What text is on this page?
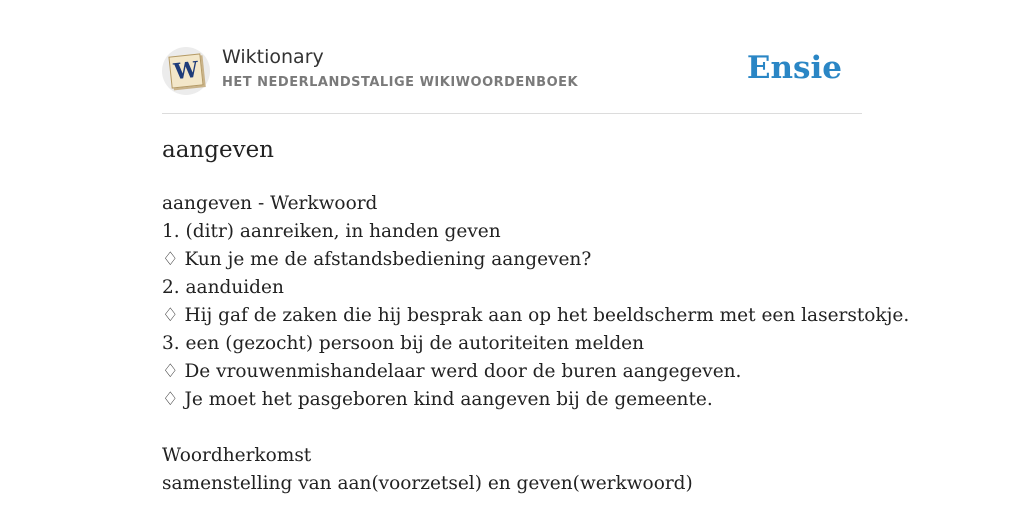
W Wiktionary
HET NEDERLANDSTALIGE WIKIWOORDENBOEK	Ensie
aangeven
aangeven - Werkwoord
1. (ditr) aanreiken, in handen geven
♢ Kun je me de afstandsbediening aangeven?
2. aanduiden
♢ Hij gaf de zaken die hij besprak aan op het beeldscherm met een laserstokje.
3. een (gezocht) persoon bij de autoriteiten melden
♢ De vrouwenmishandelaar werd door de buren aangegeven.
♢ Je moet het pasgeboren kind aangeven bij de gemeente.
Woordherkomst
samenstelling van aan(voorzetsel) en geven(werkwoord)
